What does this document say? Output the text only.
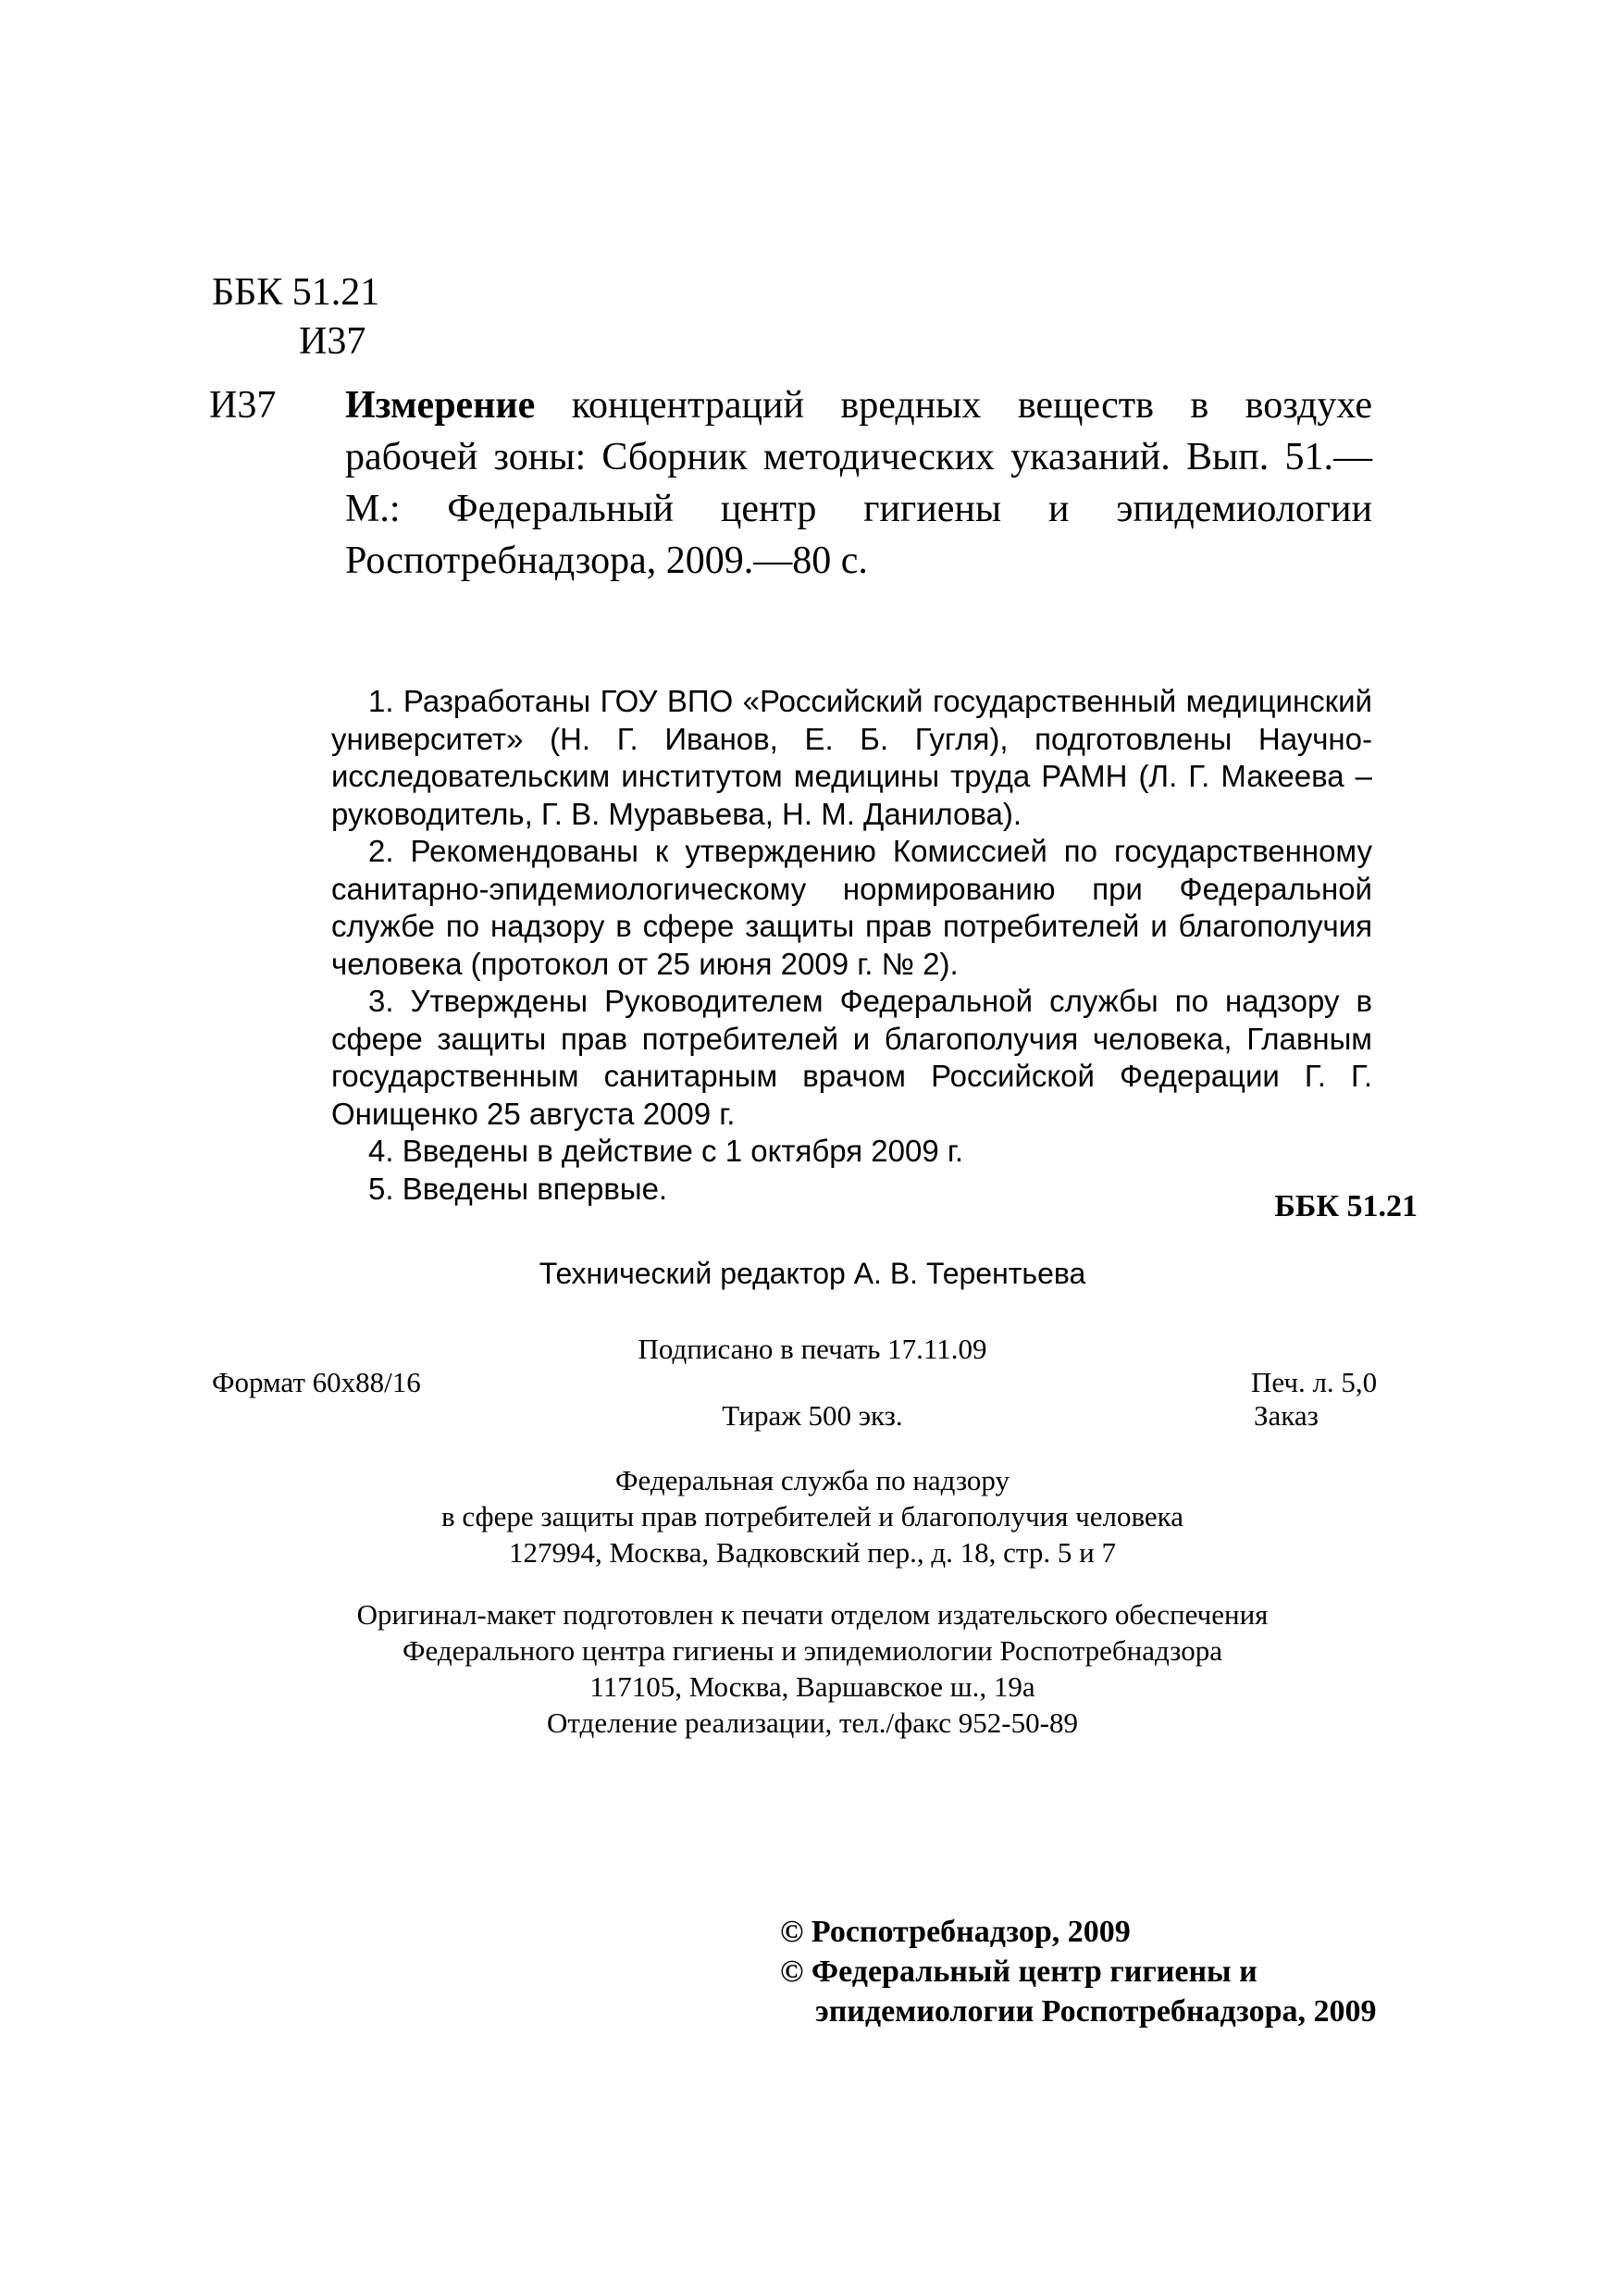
ББК 51.21
И37
И37 Измерение концентраций вредных веществ в воздухе рабочей зоны: Сборник методических указаний. Вып. 51.—М.: Федеральный центр гигиены и эпидемиологии Роспотребнадзора, 2009.—80 с.

1. Разработаны ГОУ ВПО «Российский государственный медицинский университет» (Н. Г. Иванов, Е. Б. Гугля), подготовлены Научно-исследовательским институтом медицины труда РАМН (Л. Г. Макеева – руководитель, Г. В. Муравьева, Н. М. Данилова).

2. Рекомендованы к утверждению Комиссией по государственному санитарно-эпидемиологическому нормированию при Федеральной службе по надзору в сфере защиты прав потребителей и благополучия человека (протокол от 25 июня 2009 г. № 2).

3. Утверждены Руководителем Федеральной службы по надзору в сфере защиты прав потребителей и благополучия человека, Главным государственным санитарным врачом Российской Федерации Г. Г. Онищенко 25 августа 2009 г.

4. Введены в действие с 1 октября 2009 г.

5. Введены впервые.

ББК 51.21
Технический редактор А. В. Терентьева
Подписано в печать 17.11.09
Формат 60x88/16	Печ. л. 5,0
Тираж 500 экз.	Заказ
Федеральная служба по надзору
в сфере защиты прав потребителей и благополучия человека
127994, Москва, Вадковский пер., д. 18, стр. 5 и 7
Оригинал-макет подготовлен к печати отделом издательского обеспечения
Федерального центра гигиены и эпидемиологии Роспотребнадзора
117105, Москва, Варшавское ш., 19а
Отделение реализации, тел./факс 952-50-89
© Роспотребнадзор, 2009
© Федеральный центр гигиены и
эпидемиологии Роспотребнадзора, 2009
